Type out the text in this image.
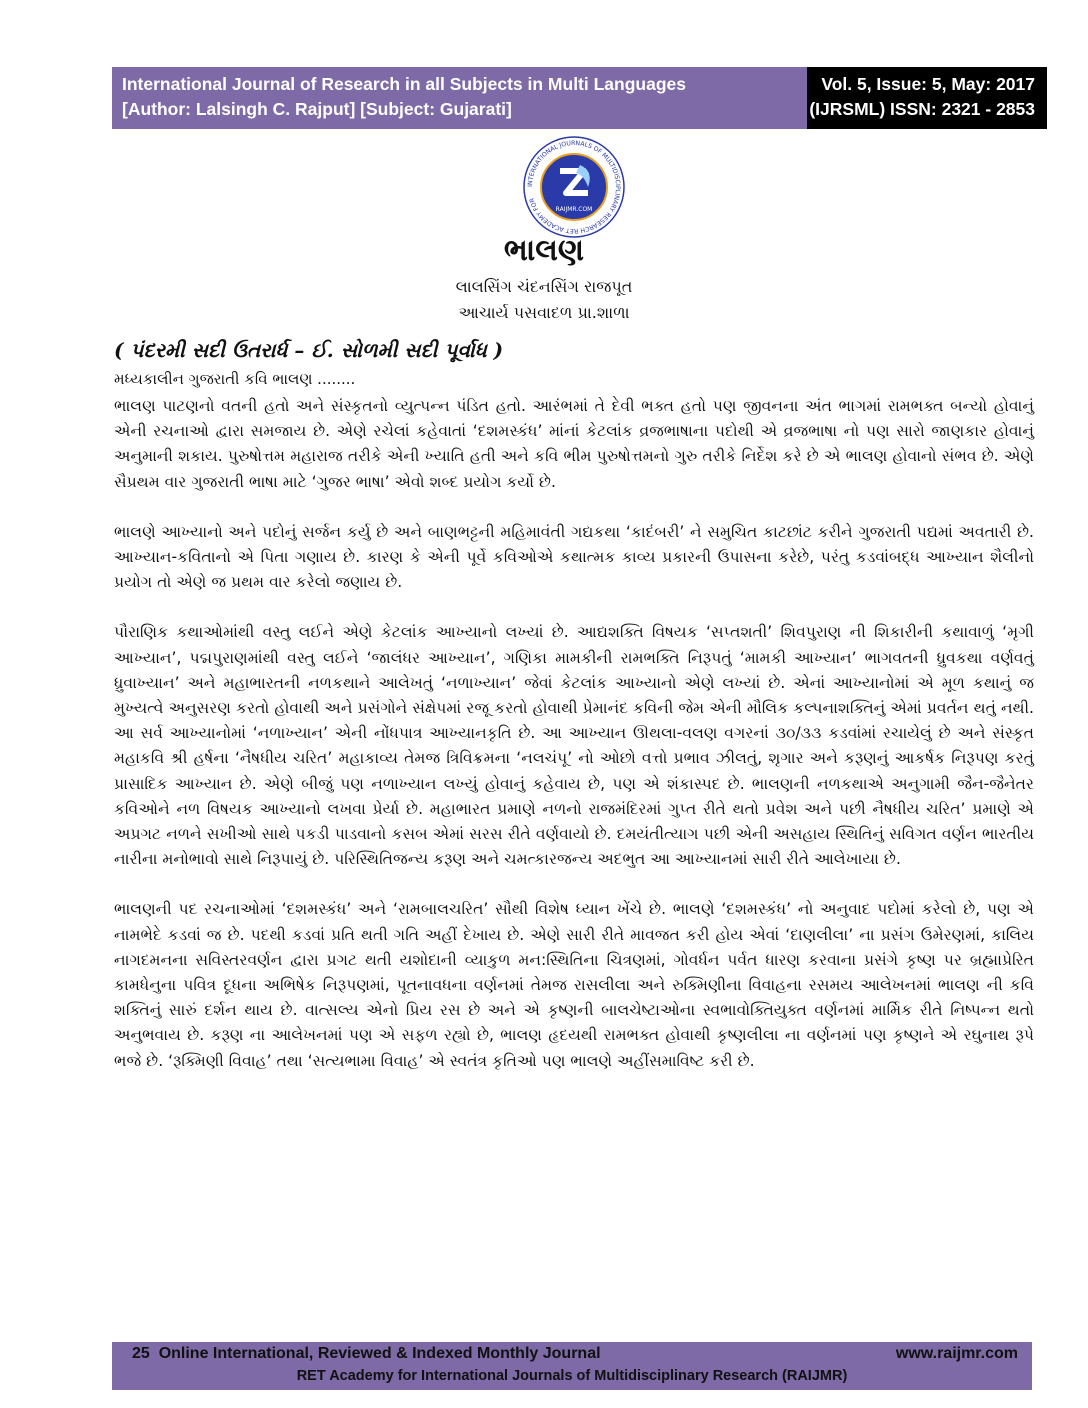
International Journal of Research in all Subjects in Multi Languages
[Author: Lalsingh C. Rajput] [Subject: Gujarati]
Vol. 5, Issue: 5, May: 2017
(IJRSML) ISSN: 2321 - 2853
INTERNATIONAL JOURNALS OF MULTIDISCIPLINARY RESEARCH RET ACADEMY FOR
RAIJMR.COM
ભાલણ
લાલસિંગ ચંદનસિંગ રાજપૂત
આચાર્ય પસવાદળ પ્રા.શાળા
( પંદરમી સદી ઉતરાર્ધ – ઈ. સોળમી સદી પૂર્વાધ )
મધ્યકાલીન ગુજરાતી કવિ ભાલણ ........

ભાલણ પાટણનો વતની હતો અને સંસ્કૃતનો વ્યુત્પન્ન પંડિત હતો. આરંભમાં તે દેવી ભક્ત હતો પણ જીવનના અંત ભાગમાં રામભક્ત બન્યો હોવાનું એની રચનાઓ દ્વારા સમજાય છે. એણે રચેલાં કહેવાતાં ‘દશમસ્કંધ’ માંનાં કેટલાંક વ્રજભાષાના પદોથી એ વ્રજભાષા નો પણ સારો જાણકાર હોવાનું અનુમાની શકાય. પુરુષોત્તમ મહારાજ તરીકે એની ખ્યાતિ હતી અને કવિ ભીમ પુરુષોત્તમનો ગુરુ તરીકે નિર્દેશ કરે છે એ ભાલણ હોવાનો સંભવ છે. એણે સૈપ્રથમ વાર ગુજરાતી ભાષા માટે ‘ગુજર ભાષા’ એવો શબ્દ પ્રયોગ કર્યો છે.

ભાલણે આખ્યાનો અને પદોનું સર્જન કર્યુ છે અને બાણભટ્ટની મહિમાવંતી ગદ્યકથા ‘કાદંબરી’ ને સમુચિત કાટછાંટ કરીને ગુજરાતી પદ્યમાં અવતારી છે. આખ્યાન-કવિતાનો એ પિતા ગણાય છે. કારણ કે એની પૂર્વે કવિઓએ કથાત્મક કાવ્ય પ્રકારની ઉપાસના કરેછે, પરંતુ કડવાંબદ્ધ આખ્યાન શૈલીનો પ્રયોગ તો એણે જ પ્રથમ વાર કરેલો જણાય છે.

પૌરાણિક કથાઓમાંથી વસ્તુ લઈને એણે કેટલાંક આખ્યાનો લખ્યાં છે. આદ્યશક્તિ વિષયક ‘સપ્તશતી’ શિવપુરાણ ની શિકારીની કથાવાળું ‘મૃગી આખ્યાન’, પદ્મપુરાણમાંથી વસ્તુ લઈને ‘જાલંધર આખ્યાન’, ગણિકા મામકીની રામભક્તિ નિરૂપતું ‘મામકી આખ્યાન’ ભાગવતની ધ્રુવકથા વર્ણવતું ધ્રુવાખ્યાન’ અને મહાભારતની નળકથાને આલેખતું ‘નળાખ્યાન’ જેવાં કેટલાંક આખ્યાનો એણે લખ્યાં છે. એનાં આખ્યાનોમાં એ મૂળ કથાનું જ મુખ્યત્વે અનુસરણ કરતો હોવાથી અને પ્રસંગોને સંક્ષેપમાં રજૂ કરતો હોવાથી પ્રેમાનંદ કવિની જેમ એની મૌલિક કલ્પનાશક્તિનું એમાં પ્રવર્તન થતું નથી. આ સર્વ આખ્યાનોમાં ‘નળાખ્યાન’ એની નોંધપાત્ર આખ્યાનકૃતિ છે. આ આખ્યાન ઊથલા-વલણ વગરનાં ૩૦/૩૩ કડવાંમાં રચાયેલું છે અને સંસ્કૃત મહાકવિ શ્રી હર્ષના ‘નૈષધીય ચરિત’ મહાકાવ્ય તેમજ ત્રિવિક્રમના ‘નલચંપૂ’ નો ઓછો વત્તો પ્રભાવ ઝીલતું, શૃગાર અને કરૂણનું આકર્ષક નિરૂપણ કરતું પ્રાસાદિક આખ્યાન છે. એણે બીજું પણ નળાખ્યાન લખ્યું હોવાનું કહેવાય છે, પણ એ શંકાસ્પદ છે. ભાલણની નળકથાએ અનુગામી જૈન-જૈનેતર કવિઓને નળ વિષયક આખ્યાનો લખવા પ્રેર્યા છે. મહાભારત પ્રમાણે નળનો રાજમંદિરમાં ગુપ્ત રીતે થતો પ્રવેશ અને પછી નૈષધીય ચરિત’ પ્રમાણે એ અપ્રગટ નળને સખીઓ સાથે પકડી પાડવાનો કસબ એમાં સરસ રીતે વર્ણવાયો છે. દમયંતીત્યાગ પછી એની અસહાય સ્થિતિનું સવિગત વર્ણન ભારતીય નારીના મનોભાવો સાથે નિરૂપાયું છે. પરિસ્થિતિજન્ય કરૂણ અને ચમત્કારજન્ય અદભુત આ આખ્યાનમાં સારી રીતે આલેખાયા છે.

ભાલણની પદ રચનાઓમાં ‘દશમસ્કંધ’ અને ‘રામબાલચરિત’ સૌથી વિશેષ ધ્યાન ખેંચે છે. ભાલણે ‘દશમસ્કંધ’ નો અનુવાદ પદોમાં કરેલો છે, પણ એ નામભેદે કડવાં જ છે. પદથી કડવાં પ્રતિ થતી ગતિ અહીં દેખાય છે. એણે સારી રીતે માવજત કરી હોય એવાં ‘દાણલીલા’ ના પ્રસંગ ઉમેરણમાં, કાલિય નાગદમનના સવિસ્તરવર્ણન દ્વારા પ્રગટ થતી યશોદાની વ્યાકુળ મન:સ્થિતિના ચિત્રણમાં, ગોવર્ધન પર્વત ધારણ કરવાના પ્રસંગે કૃષ્ણ પર બ્રહ્માપ્રેરિત કામધેનુના પવિત્ર દૂધના અભિષેક નિરૂપણમાં, પૂતનાવધના વર્ણનમાં તેમજ રાસલીલા અને રુક્મિણીના વિવાહના રસમય આલેખનમાં ભાલણ ની કવિ શક્તિનું સારું દર્શન થાય છે. વાત્સલ્ય એનો પ્રિય રસ છે અને એ કૃષ્ણની બાલચેષ્ટાઓના સ્વભાવોક્તિયુક્ત વર્ણનમાં માર્મિક રીતે નિષ્પન્ન થતો અનુભવાય છે. કરૂણ ના આલેખનમાં પણ એ સફળ રહ્યો છે, ભાલણ હૃદયથી રામભક્ત હોવાથી કૃષ્ણલીલા ના વર્ણનમાં પણ કૃષ્ણને એ રઘુનાથ રૂપે ભજે છે. ‘રૂક્મિણી વિવાહ’ તથા ‘સત્યભામા વિવાહ’ એ સ્વતંત્ર કૃતિઓ પણ ભાલણે અહીંસમાવિષ્ટ કરી છે.

25 Online International, Reviewed & Indexed Monthly Journal	www.raijmr.com
RET Academy for International Journals of Multidisciplinary Research (RAIJMR)
